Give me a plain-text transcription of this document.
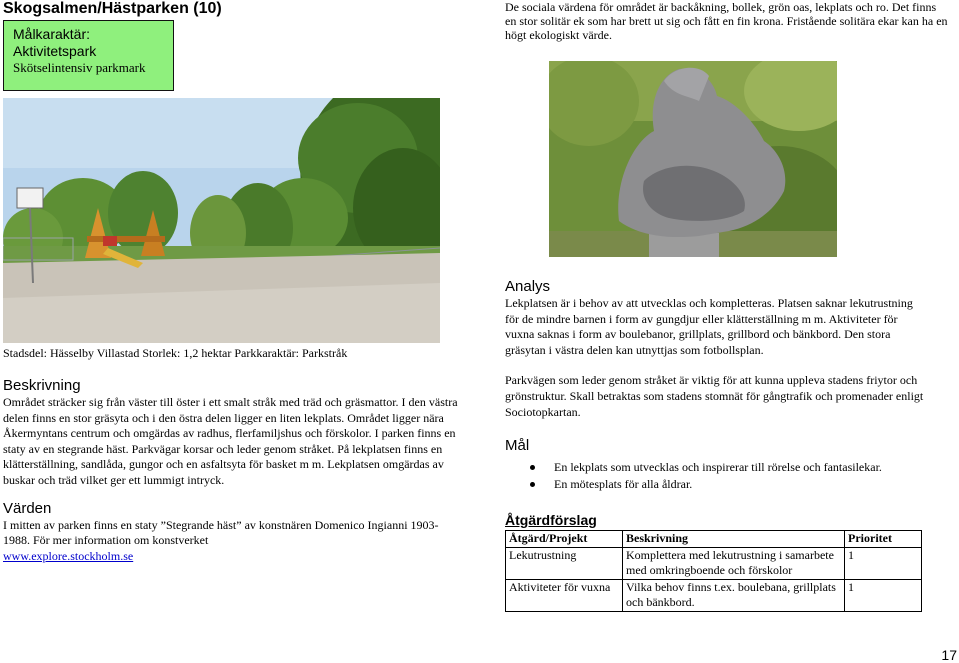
Skogsalmen/Hästparken (10)
Målkaraktär:
Aktivitetspark
Skötselintensiv parkmark
De sociala värdena för området är backåkning, bollek, grön oas, lekplats och ro. Det finns en stor solitär ek som har brett ut sig och fått en fin krona. Fristående solitära ekar kan ha en högt ekologiskt värde.
Stadsdel: Hässelby Villastad Storlek: 1,2 hektar Parkkaraktär: Parkstråk
Beskrivning

Området sträcker sig från väster till öster i ett smalt stråk med träd och gräsmattor. I den västra delen finns en stor gräsyta och i den östra delen ligger en liten lekplats. Området ligger nära Åkermyntans centrum och omgärdas av radhus, flerfamiljshus och förskolor. I parken finns en staty av en stegrande häst. Parkvägar korsar och leder genom stråket. På lekplatsen finns en klätterställning, sandlåda, gungor och en asfaltsyta för basket m m. Lekplatsen omgärdas av buskar och träd vilket ger ett lummigt intryck.

Värden

I mitten av parken finns en staty ”Stegrande häst” av konstnären Domenico Ingianni 1903-1988. För mer information om konstverket
www.explore.stockholm.se

Analys

Lekplatsen är i behov av att utvecklas och kompletteras. Platsen saknar lekutrustning för de mindre barnen i form av gungdjur eller klätterställning m m. Aktiviteter för vuxna saknas i form av boulebanor, grillplats, grillbord och bänkbord. Den stora gräsytan i västra delen kan utnyttjas som fotbollsplan.

Parkvägen som leder genom stråket är viktig för att kunna uppleva stadens friytor och grönstruktur. Skall betraktas som stadens stomnät för gångtrafik och promenader enligt Sociotopkartan.

Mål
En lekplats som utvecklas och inspirerar till rörelse och fantasilekar.
En mötesplats för alla åldrar.
Åtgärdförslag
Åtgärd/Projekt	Beskrivning	Prioritet
Lekutrustning	Komplettera med lekutrustning i samarbete med omkringboende och förskolor	1
Aktiviteter för vuxna	Vilka behov finns t.ex. boulebana, grillplats och bänkbord.	1
17
